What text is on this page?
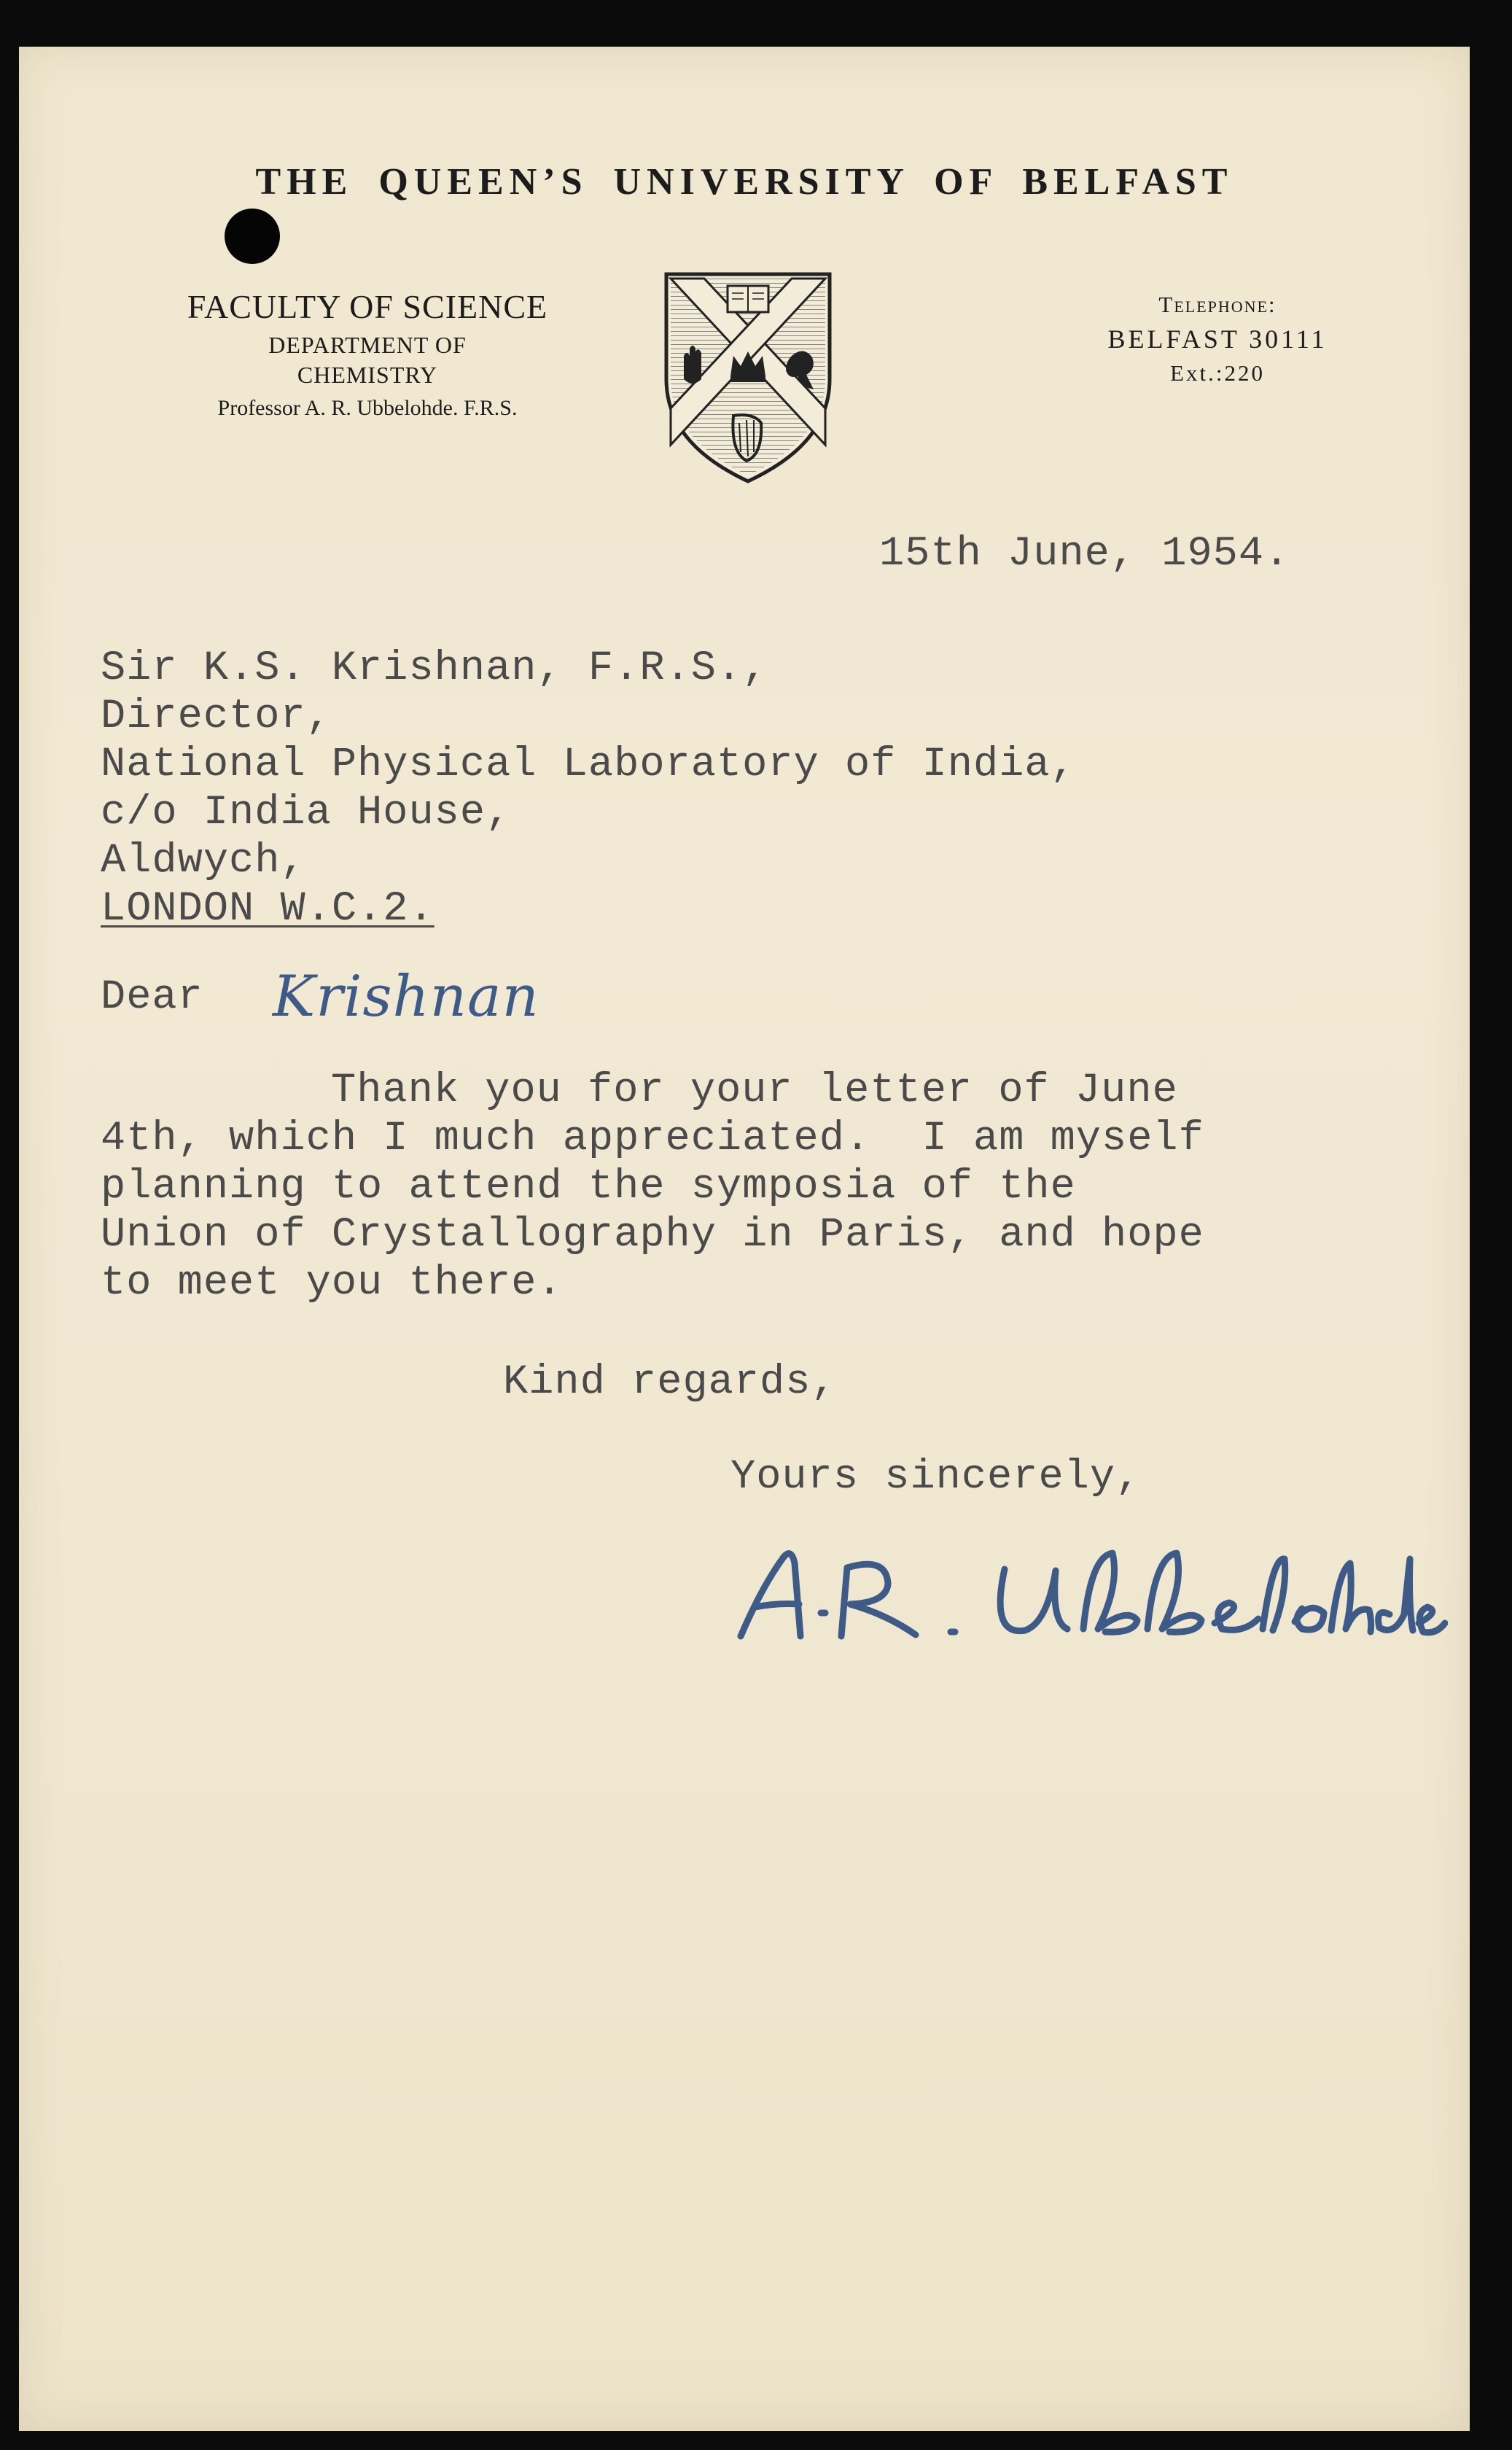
THE QUEEN’S UNIVERSITY OF BELFAST
FACULTY OF SCIENCE
DEPARTMENT OF
CHEMISTRY
Professor A. R. Ubbelohde. F.R.S.
Telephone:
BELFAST 30111
Ext.:220
15th June, 1954.
Sir K.S. Krishnan, F.R.S.,
Director,
National Physical Laboratory of India,
c/o India House,
Aldwych,
LONDON W.C.2.
Dear Krishnan
Thank you for your letter of June
4th, which I much appreciated.  I am myself
planning to attend the symposia of the
Union of Crystallography in Paris, and hope
to meet you there.
Kind regards,
Yours sincerely,
